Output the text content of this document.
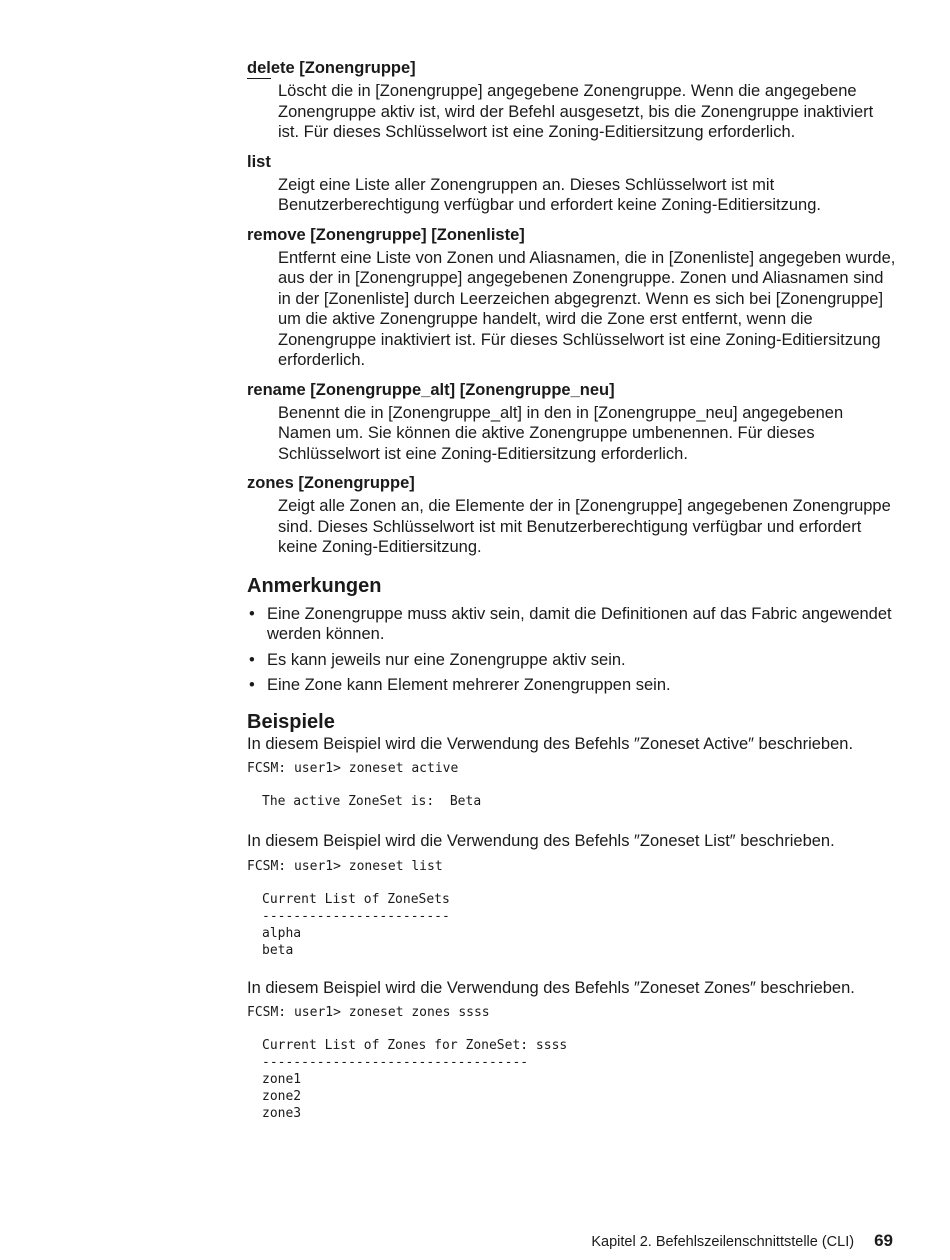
delete [Zonengruppe]

Löscht die in [Zonengruppe] angegebene Zonengruppe. Wenn die angegebene Zonengruppe aktiv ist, wird der Befehl ausgesetzt, bis die Zonengruppe inaktiviert ist. Für dieses Schlüsselwort ist eine Zoning-Editiersitzung erforderlich.

list

Zeigt eine Liste aller Zonengruppen an. Dieses Schlüsselwort ist mit Benutzerberechtigung verfügbar und erfordert keine Zoning-Editiersitzung.

remove [Zonengruppe] [Zonenliste]

Entfernt eine Liste von Zonen und Aliasnamen, die in [Zonenliste] angegeben wurde, aus der in [Zonengruppe] angegebenen Zonengruppe. Zonen und Aliasnamen sind in der [Zonenliste] durch Leerzeichen abgegrenzt. Wenn es sich bei [Zonengruppe] um die aktive Zonengruppe handelt, wird die Zone erst entfernt, wenn die Zonengruppe inaktiviert ist. Für dieses Schlüsselwort ist eine Zoning-Editiersitzung erforderlich.

rename [Zonengruppe_alt] [Zonengruppe_neu]

Benennt die in [Zonengruppe_alt] in den in [Zonengruppe_neu] angegebenen Namen um. Sie können die aktive Zonengruppe umbenennen. Für dieses Schlüsselwort ist eine Zoning-Editiersitzung erforderlich.

zones [Zonengruppe]

Zeigt alle Zonen an, die Elemente der in [Zonengruppe] angegebenen Zonengruppe sind. Dieses Schlüsselwort ist mit Benutzerberechtigung verfügbar und erfordert keine Zoning-Editiersitzung.

Anmerkungen
• Eine Zonengruppe muss aktiv sein, damit die Definitionen auf das Fabric angewendet werden können.
• Es kann jeweils nur eine Zonengruppe aktiv sein.
• Eine Zone kann Element mehrerer Zonengruppen sein.
Beispiele

In diesem Beispiel wird die Verwendung des Befehls ″Zoneset Active″ beschrieben.

FCSM: user1> zoneset active

The active ZoneSet is:  Beta

In diesem Beispiel wird die Verwendung des Befehls ″Zoneset List″ beschrieben.

FCSM: user1> zoneset list

Current List of ZoneSets
------------------------
alpha
beta

In diesem Beispiel wird die Verwendung des Befehls ″Zoneset Zones″ beschrieben.

FCSM: user1> zoneset zones ssss

Current List of Zones for ZoneSet: ssss
----------------------------------
zone1
zone2
zone3

Kapitel 2. Befehlszeilenschnittstelle (CLI) 69
